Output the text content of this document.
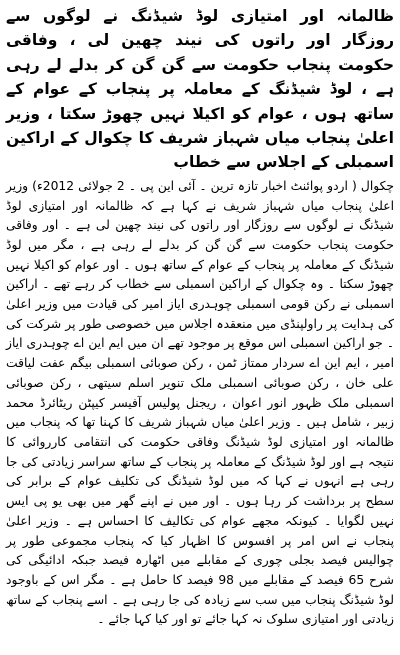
ظالمانہ اور امتیازی لوڈ شیڈنگ نے لوگوں سے روزگار اور راتوں کی نیند چھین لی ، وفاقی حکومت پنجاب حکومت سے گن گن کر بدلے لے رہی ہے ، لوڈ شیڈنگ کے معاملہ پر پنجاب کے عوام کے ساتھ ہوں ، عوام کو اکیلا نہیں چھوڑ سکتا ، وزیر اعلیٰ پنجاب میاں شہباز شریف کا چکوال کے اراکین اسمبلی کے اجلاس سے خطاب

چکوال ( اردو پوائنٹ اخبار تازہ ترین ۔ آئی این پی ۔ 2 جولائی 2012ء) وزیر اعلیٰ پنجاب میاں شہباز شریف نے کہا ہے کہ ظالمانہ اور امتیازی لوڈ شیڈنگ نے لوگوں سے روزگار اور راتوں کی نیند چھین لی ہے ۔ اور وفاقی حکومت پنجاب حکومت سے گن گن کر بدلے لے رہی ہے ، مگر میں لوڈ شیڈنگ کے معاملہ پر پنجاب کے عوام کے ساتھ ہوں ۔ اور عوام کو اکیلا نہیں چھوڑ سکتا ۔ وہ چکوال کے اراکین اسمبلی سے خطاب کر رہے تھے ۔ اراکین اسمبلی نے رکن قومی اسمبلی چوہدری ایاز امیر کی قیادت میں وزیر اعلیٰ کی ہدایت پر راولپنڈی میں منعقدہ اجلاس میں خصوصی طور پر شرکت کی ۔ جو اراکین اسمبلی اس موقع پر موجود تھے ان میں ایم این اے چوہدری ایاز امیر ، ایم این اے سردار ممتاز ٹمن ، رکن صوبائی اسمبلی بیگم عفت لیاقت علی خان ، رکن صوبائی اسمبلی ملک تنویر اسلم سیتھی ، رکن صوبائی اسمبلی ملک ظہور انور اعوان ، ریجنل پولیس آفیسر کیپٹن ریٹائرڈ محمد زبیر ، شامل ہیں ۔ وزیر اعلیٰ میاں شہباز شریف کا کہنا تھا کہ پنجاب میں ظالمانہ اور امتیازی لوڈ شیڈنگ وفاقی حکومت کی انتقامی کارروائی کا نتیجہ ہے اور لوڈ شیڈنگ کے معاملہ پر پنجاب کے ساتھ سراسر زیادتی کی جا رہی ہے انہوں نے کہا کہ میں لوڈ شیڈنگ کی تکلیف عوام کے برابر کی سطح پر برداشت کر رہا ہوں ۔ اور میں نے اپنے گھر میں بھی یو پی ایس نہیں لگوایا ۔ کیونکہ مجھے عوام کی تکالیف کا احساس ہے ۔ وزیر اعلیٰ پنجاب نے اس امر پر افسوس کا اظہار کیا کہ پنجاب مجموعی طور پر چوالیس فیصد بجلی چوری کے مقابلے میں اٹھارہ فیصد جبکہ ادائیگی کی شرح 65 فیصد کے مقابلے میں 98 فیصد کا حامل ہے ۔ مگر اس کے باوجود لوڈ شیڈنگ پنجاب میں سب سے زیادہ کی جا رہی ہے ۔ اسے پنجاب کے ساتھ زیادتی اور امتیازی سلوک نہ کہا جائے تو اور کیا کہا جائے ۔
